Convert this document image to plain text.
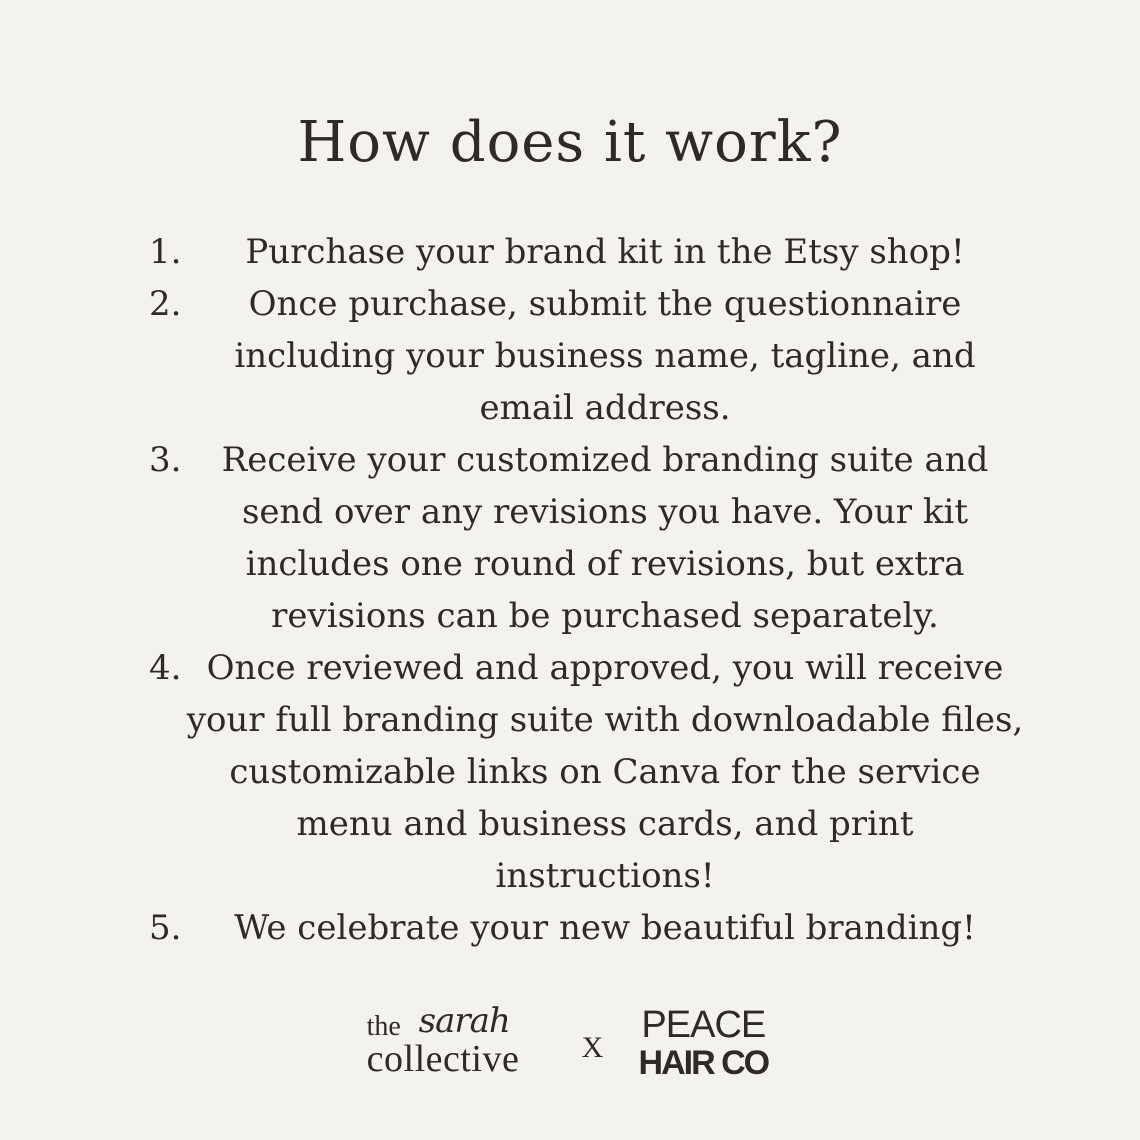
How does it work?
1. Purchase your brand kit in the Etsy shop!
2. Once purchase, submit the questionnaire including your business name, tagline, and email address.
3. Receive your customized branding suite and send over any revisions you have. Your kit includes one round of revisions, but extra revisions can be purchased separately.
4. Once reviewed and approved, you will receive your full branding suite with downloadable files, customizable links on Canva for the service menu and business cards, and print instructions!
5. We celebrate your new beautiful branding!
the sarah
collective X
PEACE
HAIR CO
